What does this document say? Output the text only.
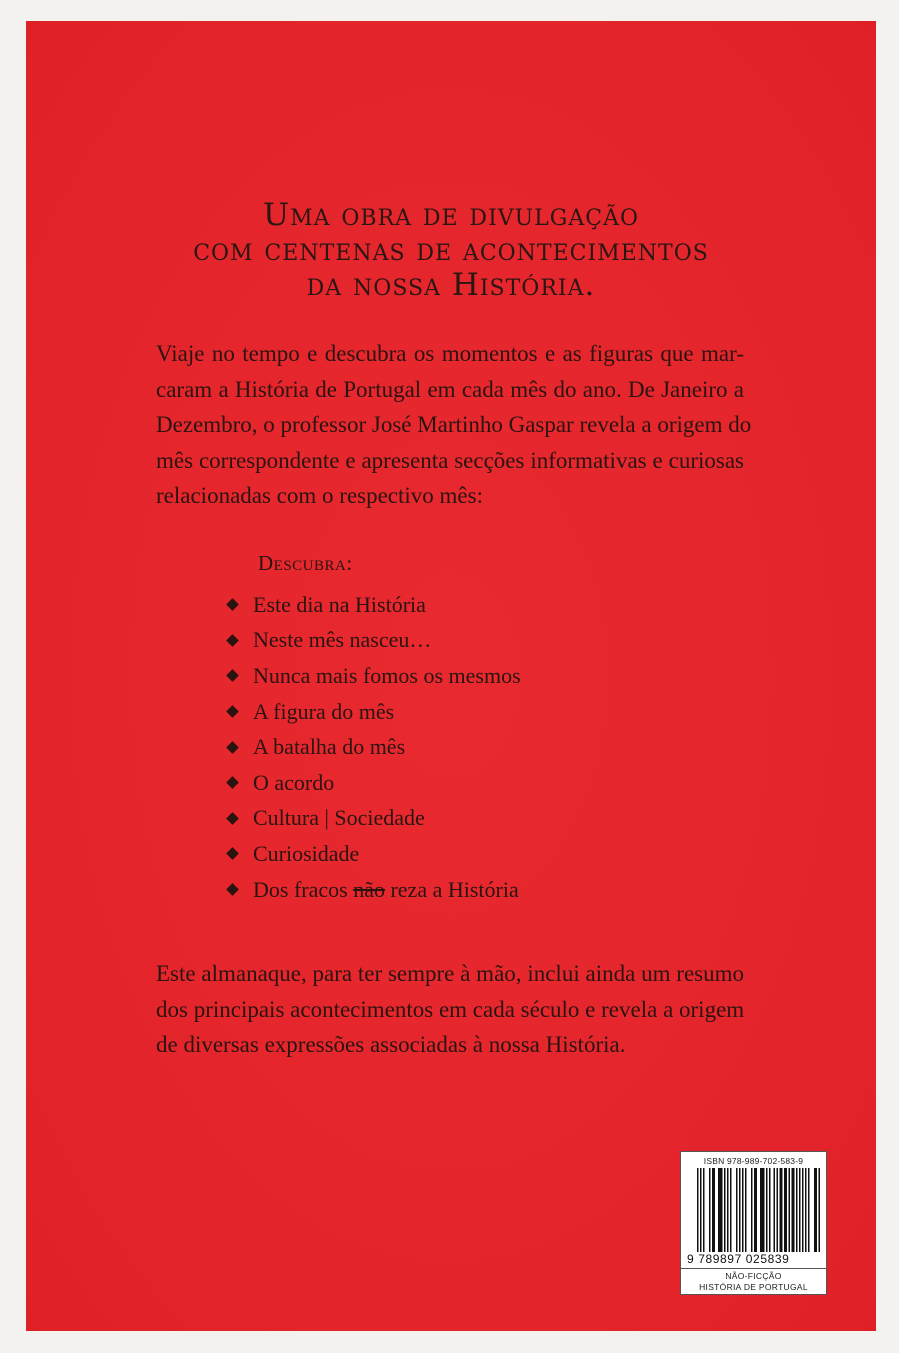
Uma obra de divulgação
com centenas de acontecimentos
da nossa História.
Viaje no tempo e descubra os momentos e as figuras que mar-
caram a História de Portugal em cada mês do ano. De Janeiro a
Dezembro, o professor José Martinho Gaspar revela a origem do
mês correspondente e apresenta secções informativas e curiosas
relacionadas com o respectivo mês:
Descubra:
Este dia na História
Neste mês nasceu…
Nunca mais fomos os mesmos
A figura do mês
A batalha do mês
O acordo
Cultura | Sociedade
Curiosidade
Dos fracos não reza a História
Este almanaque, para ter sempre à mão, inclui ainda um resumo
dos principais acontecimentos em cada século e revela a origem
de diversas expressões associadas à nossa História.
ISBN 978-989-702-583-9
9 789897 025839
NÃO-FICÇÃO
HISTÓRIA DE PORTUGAL
